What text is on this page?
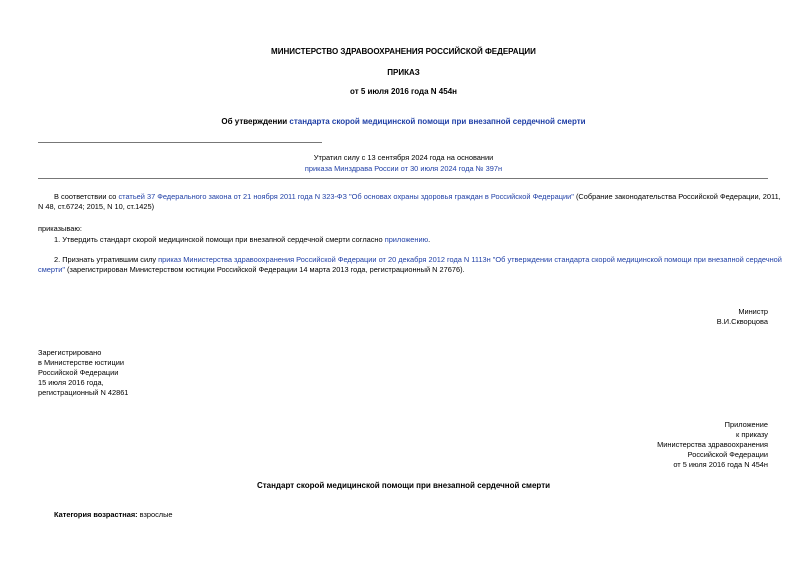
МИНИСТЕРСТВО ЗДРАВООХРАНЕНИЯ РОССИЙСКОЙ ФЕДЕРАЦИИ
ПРИКАЗ
от 5 июля 2016 года N 454н
Об утверждении стандарта скорой медицинской помощи при внезапной сердечной смерти
Утратил силу с 13 сентября 2024 года на основании
приказа Минздрава России от 30 июля 2024 года № 397н
В соответствии со статьей 37 Федерального закона от 21 ноября 2011 года N 323-ФЗ "Об основах охраны здоровья граждан в Российской Федерации" (Собрание законодательства Российской Федерации, 2011,
N 48, ст.6724; 2015, N 10, ст.1425)
приказываю:
1. Утвердить стандарт скорой медицинской помощи при внезапной сердечной смерти согласно приложению.
2. Признать утратившим силу приказ Министерства здравоохранения Российской Федерации от 20 декабря 2012 года N 1113н "Об утверждении стандарта скорой медицинской помощи при внезапной сердечной
смерти" (зарегистрирован Министерством юстиции Российской Федерации 14 марта 2013 года, регистрационный N 27676).
Министр
В.И.Скворцова
Зарегистрировано
в Министерстве юстиции
Российской Федерации
15 июля 2016 года,
регистрационный N 42861
Приложение
к приказу
Министерства здравоохранения
Российской Федерации
от 5 июля 2016 года N 454н
Стандарт скорой медицинской помощи при внезапной сердечной смерти
Категория возрастная: взрослые
